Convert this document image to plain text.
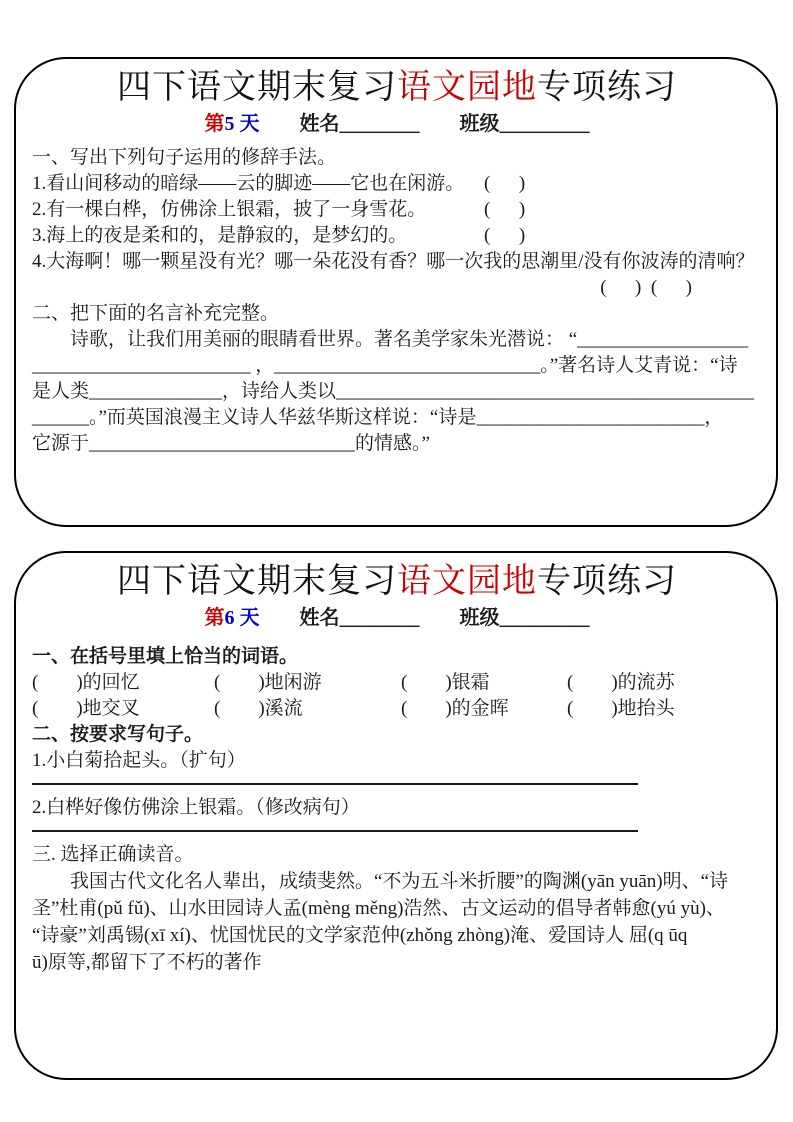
四下语文期末复习语文园地专项练习
第5 天 姓名________ 班级_________
一、写出下列句子运用的修辞手法。
1.看山间移动的暗绿——云的脚迹——它也在闲游。	(      )
2.有一棵白桦，仿佛涂上银霜，披了一身雪花。	(      )
3.海上的夜是柔和的，是静寂的，是梦幻的。	(      )
4.大海啊！哪一颗星没有光？哪一朵花没有香？哪一次我的思潮里/没有你波涛的清响？
(      )  (      )
二、把下面的名言补充完整。
　　诗歌，让我们用美丽的眼睛看世界。著名美学家朱光潜说： “__________________
_______________________ ，____________________________。”著名诗人艾青说：“诗
是人类______________，诗给人类以____________________________________________
______。”而英国浪漫主义诗人华兹华斯这样说：“诗是________________________，
它源于____________________________的情感。”
四下语文期末复习语文园地专项练习
第6 天 姓名________ 班级_________
一、在括号里填上恰当的词语。
(        )的回忆	(        )地闲游	(        )银霜	(        )的流苏
(        )地交叉	(        )溪流	(        )的金晖	(        )地抬头
二、按要求写句子。
1.小白菊拾起头。（扩句）
2.白桦好像仿佛涂上银霜。（修改病句）
三. 选择正确读音。
　　我国古代文化名人辈出，成绩斐然。“不为五斗米折腰”的陶渊(yān yuān)明、“诗
圣”杜甫(pǔ fǔ)、山水田园诗人孟(mèng měng)浩然、古文运动的倡导者韩愈(yú yù)、
“诗豪”刘禹锡(xī xí)、忧国忧民的文学家范仲(zhǒng zhòng)淹、爱国诗人 屈(q ūq
ū)原等,都留下了不朽的著作
